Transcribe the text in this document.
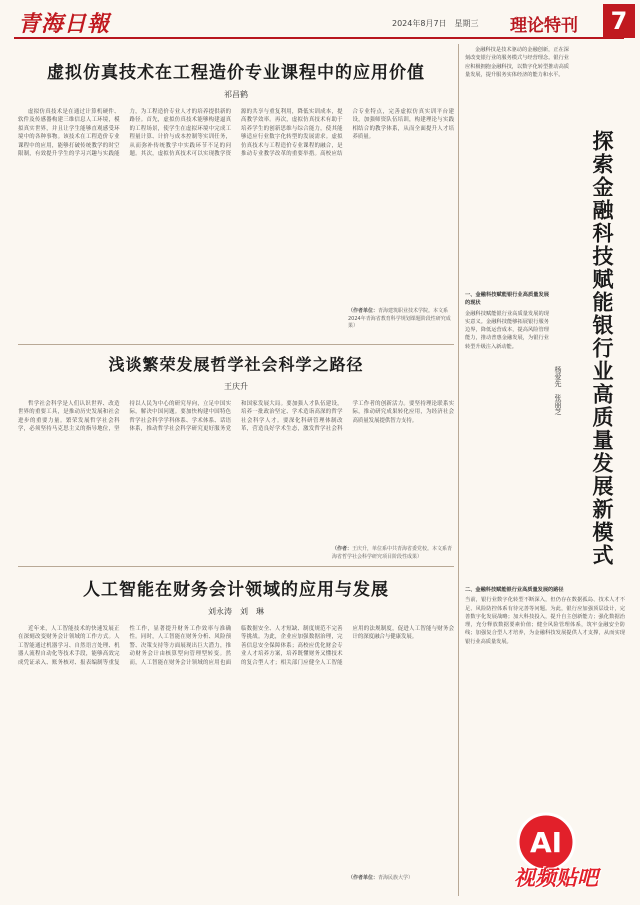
青海日報	2024年8月7日　星期三 理论特刊	7
虚拟仿真技术在工程造价专业课程中的应用价值
祁昌鹤
虚拟仿真技术是在通过计算机硬件、软件及传感器构建三维信息人工环境，模拟真实世界，并且让学生能够直观感受环境中的各种事物。该技术在工程造价专业课程中的应用，能够打破传统教学的时空限制，有效提升学生的学习兴趣与实践能力，为工程造价专业人才的培养提供新的路径。首先，虚拟仿真技术能够构建逼真的工程场景，使学生在虚拟环境中完成工程量计算、计价与成本控制等实训任务，从而弥补传统教学中实践环节不足的问题。其次，虚拟仿真技术可以实现教学资源的共享与重复利用，降低实训成本，提高教学效率。再次，虚拟仿真技术有助于培养学生的创新思维与综合能力，使其能够适应行业数字化转型的发展需求。虚拟仿真技术与工程造价专业课程的融合，是推动专业教学改革的重要举措。高校应结合专业特点，完善虚拟仿真实训平台建设，加强师资队伍培训，构建理论与实践相结合的教学体系，从而全面提升人才培养质量。
（作者单位：青海建筑职业技术学院。本文系2024年青海省教育科学规划课题阶段性研究成果）
浅谈繁荣发展哲学社会科学之路径
王庆升
哲学社会科学是人们认识世界、改造世界的重要工具，是推动历史发展和社会进步的重要力量。繁荣发展哲学社会科学，必须坚持马克思主义的指导地位，坚持以人民为中心的研究导向，立足中国实际，解决中国问题。要加快构建中国特色哲学社会科学学科体系、学术体系、话语体系，推动哲学社会科学研究更好服务党和国家发展大局。要加强人才队伍建设，培养一批政治坚定、学术造诣高深的哲学社会科学人才。要深化科研管理体制改革，营造良好学术生态，激发哲学社会科学工作者的创新活力。要坚持理论联系实际，推动研究成果转化应用，为经济社会高质量发展提供智力支持。
（作者：王庆升，单位系中共青海省委党校。本文系青海省哲学社会科学研究项目阶段性成果）
人工智能在财务会计领域的应用与发展
刘永涛　刘　琳
近年来，人工智能技术的快速发展正在深刻改变财务会计领域的工作方式。人工智能通过机器学习、自然语言处理、机器人流程自动化等技术手段，能够高效完成凭证录入、账务核对、报表编制等重复性工作，显著提升财务工作效率与准确性。同时，人工智能在财务分析、风险预警、决策支持等方面展现出巨大潜力，推动财务会计由核算型向管理型转变。然而，人工智能在财务会计领域的应用也面临数据安全、人才短缺、制度规范不完善等挑战。为此，企业应加强数据治理，完善信息安全保障体系；高校应优化财会专业人才培养方案，培养既懂财务又懂技术的复合型人才；相关部门应健全人工智能应用的法规制度，促进人工智能与财务会计的深度融合与健康发展。
（作者单位：青海民族大学）
金融科技是技术驱动的金融创新，正在深刻改变银行业的服务模式与经营理念。银行业应积极拥抱金融科技，以数字化转型推动高质量发展，提升服务实体经济的能力和水平。
探索金融科技赋能银行业高质量发展新模式
杨爱先　张丽芝
一、金融科技赋能银行业高质量发展的现状
金融科技赋能银行业高质量发展的现实意义。金融科技能够拓展银行服务边界，降低运营成本，提高风险管理能力，推动普惠金融发展，为银行业转型升级注入新动能。
二、金融科技赋能银行业高质量发展的路径
当前，银行业数字化转型不断深入，但仍存在数据孤岛、技术人才不足、风险防控体系有待完善等问题。为此，银行应加强顶层设计，完善数字化发展战略；加大科技投入，提升自主创新能力；强化数据治理，充分释放数据要素价值；健全风险管理体系，筑牢金融安全防线；加强复合型人才培养，为金融科技发展提供人才支撑，从而实现银行业高质量发展。
AI
视频贴吧
